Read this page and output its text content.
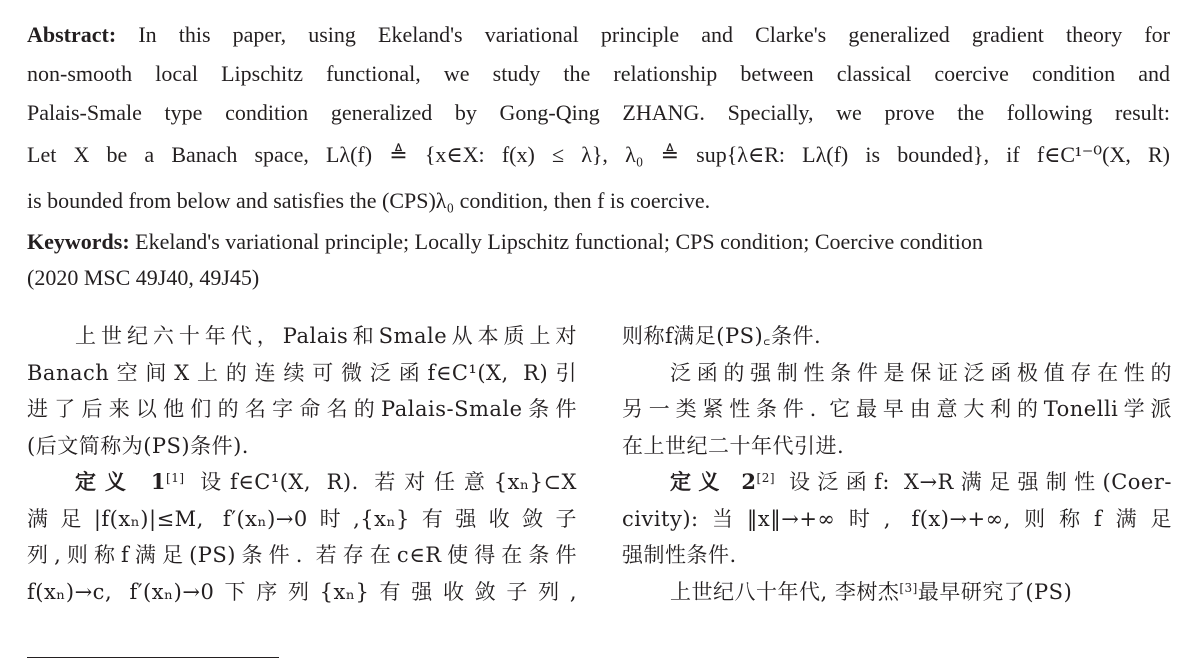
Abstract: In this paper, using Ekeland's variational principle and Clarke's generalized gradient theory for
non-smooth local Lipschitz functional, we study the relationship between classical coercive condition and
Palais-Smale type condition generalized by Gong-Qing ZHANG. Specially, we prove the following result:
Let X be a Banach space, Lλ(f) ≜ {x∈X: f(x) ≤ λ}, λ₀ ≜ sup{λ∈R: Lλ(f) is bounded}, if f∈C¹⁻⁰(X, R)
is bounded from below and satisfies the (CPS)λ₀ condition, then f is coercive.
Keywords: Ekeland's variational principle; Locally Lipschitz functional; CPS condition; Coercive condition
(2020 MSC 49J40, 49J45)

上世纪六十年代，Palais和Smale从本质上对

Banach空间X上的连续可微泛函f∈C¹(X, R)引

进了后来以他们的名字命名的Palais-Smale条件

(后文简称为(PS)条件).

定义 1[1] 设f∈C¹(X, R). 若对任意{xₙ}⊂X

满足|f(xₙ)|≤M, f′(xₙ)→0时,{xₙ}有强收敛子

列,则称f满足(PS)条件. 若存在c∈R使得在条件

f(xₙ)→c, f′(xₙ)→0下序列{xₙ}有强收敛子列,

则称f满足(PS)꜀条件.

泛函的强制性条件是保证泛函极值存在性的

另一类紧性条件. 它最早由意大利的Tonelli学派

在上世纪二十年代引进.

定义 2[2] 设泛函f: X→R满足强制性(Coer-

civity):当‖x‖→+∞时, f(x)→+∞,则称f满足

强制性条件.

上世纪八十年代, 李树杰[3]最早研究了(PS)
